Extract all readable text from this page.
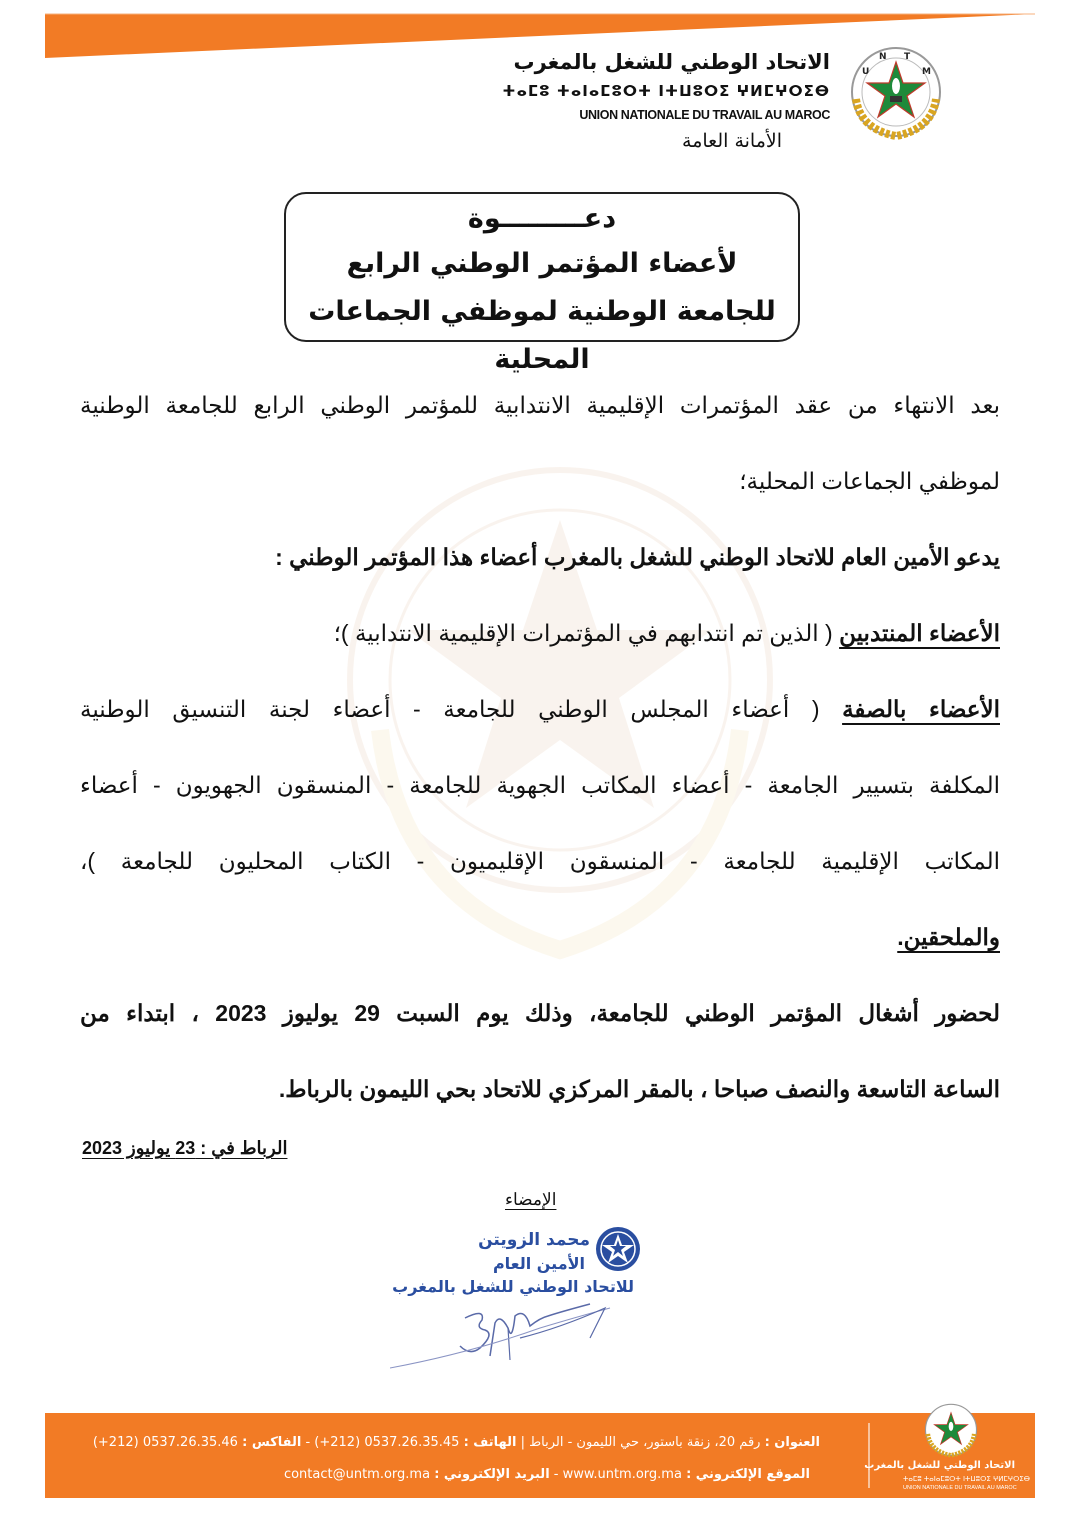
الاتحاد الوطني للشغل بالمغرب
ⵜⴰⵎⵓ ⵜⴰⵏⴰⵎⵓⵔⵜ ⵏⵜⵡⵓⵔⵉ ⵖⵍⵎⵖⵔⵉⴱ
UNION NATIONALE DU TRAVAIL AU MAROC
الأمانة العامة
U
N T
M
دعـــــــــوة
لأعضاء المؤتمر الوطني الرابع
للجامعة الوطنية لموظفي الجماعات المحلية
بعد الانتهاء من عقد المؤتمرات الإقليمية الانتدابية للمؤتمر الوطني الرابع للجامعة الوطنية
لموظفي الجماعات المحلية؛
يدعو الأمين العام للاتحاد الوطني للشغل بالمغرب أعضاء هذا المؤتمر الوطني :
الأعضاء المنتدبين ( الذين تم انتدابهم في المؤتمرات الإقليمية الانتدابية )؛
الأعضاء بالصفة ( أعضاء المجلس الوطني للجامعة - أعضاء لجنة التنسيق الوطنية
المكلفة بتسيير الجامعة - أعضاء المكاتب الجهوية للجامعة - المنسقون الجهويون - أعضاء
المكاتب الإقليمية للجامعة - المنسقون الإقليميون - الكتاب المحليون للجامعة )،
والملحقين.
لحضور أشغال المؤتمر الوطني للجامعة، وذلك يوم السبت 29 يوليوز 2023 ، ابتداء من
الساعة التاسعة والنصف صباحا ، بالمقر المركزي للاتحاد بحي الليمون بالرباط.
الرباط في : 23 يوليوز 2023
الإمضاء
محمد الزويتن
الأمين العام
للاتحاد الوطني للشغل بالمغرب
العنوان : رقم 20، زنقة باستور، حي الليمون - الرباط | الهاتف : 0537.26.35.45 (212+) - الفاكس : 0537.26.35.46 (212+)
الموقع الإلكتروني : www.untm.org.ma - البريد الإلكتروني : contact@untm.org.ma
الاتحاد الوطني للشغل بالمغرب
ⵜⴰⵎⵓ ⵜⴰⵏⴰⵎⵓⵔⵜ ⵏⵜⵡⵓⵔⵉ ⵖⵍⵎⵖⵔⵉⴱ
UNION NATIONALE DU TRAVAIL AU MAROC
